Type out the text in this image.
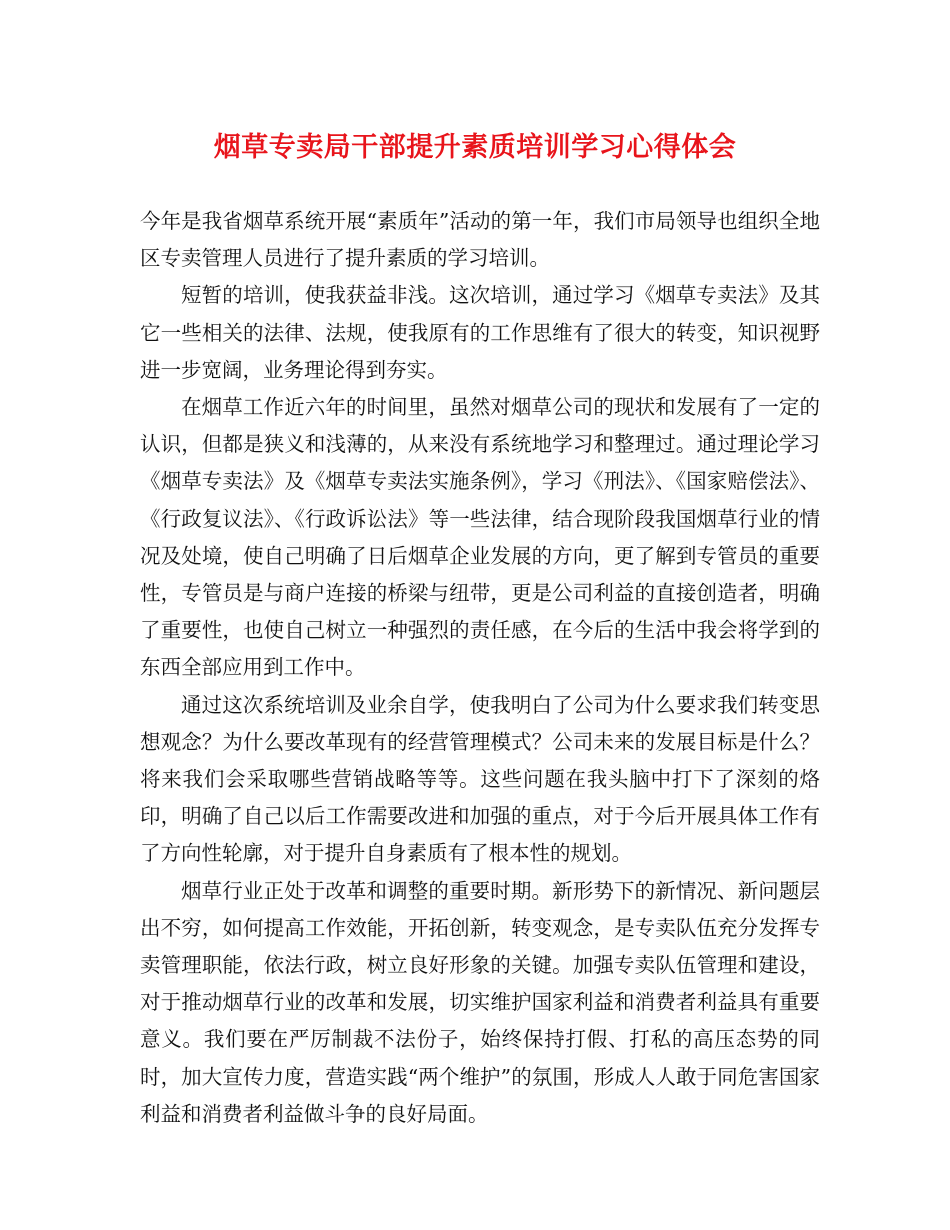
烟草专卖局干部提升素质培训学习心得体会

今年是我省烟草系统开展“素质年”活动的第一年，我们市局领导也组织全地区专卖管理人员进行了提升素质的学习培训。

短暂的培训，使我获益非浅。这次培训，通过学习《烟草专卖法》及其它一些相关的法律、法规，使我原有的工作思维有了很大的转变，知识视野进一步宽阔，业务理论得到夯实。

在烟草工作近六年的时间里，虽然对烟草公司的现状和发展有了一定的认识，但都是狭义和浅薄的，从来没有系统地学习和整理过。通过理论学习《烟草专卖法》及《烟草专卖法实施条例》，学习《刑法》、《国家赔偿法》、《行政复议法》、《行政诉讼法》等一些法律，结合现阶段我国烟草行业的情况及处境，使自己明确了日后烟草企业发展的方向，更了解到专管员的重要性，专管员是与商户连接的桥梁与纽带，更是公司利益的直接创造者，明确了重要性，也使自己树立一种强烈的责任感，在今后的生活中我会将学到的东西全部应用到工作中。

通过这次系统培训及业余自学，使我明白了公司为什么要求我们转变思想观念？为什么要改革现有的经营管理模式？公司未来的发展目标是什么？将来我们会采取哪些营销战略等等。这些问题在我头脑中打下了深刻的烙印，明确了自己以后工作需要改进和加强的重点，对于今后开展具体工作有了方向性轮廓，对于提升自身素质有了根本性的规划。

烟草行业正处于改革和调整的重要时期。新形势下的新情况、新问题层出不穷，如何提高工作效能，开拓创新，转变观念，是专卖队伍充分发挥专卖管理职能，依法行政，树立良好形象的关键。加强专卖队伍管理和建设，对于推动烟草行业的改革和发展，切实维护国家利益和消费者利益具有重要意义。我们要在严厉制裁不法份子，始终保持打假、打私的高压态势的同时，加大宣传力度，营造实践“两个维护”的氛围，形成人人敢于同危害国家利益和消费者利益做斗争的良好局面。
